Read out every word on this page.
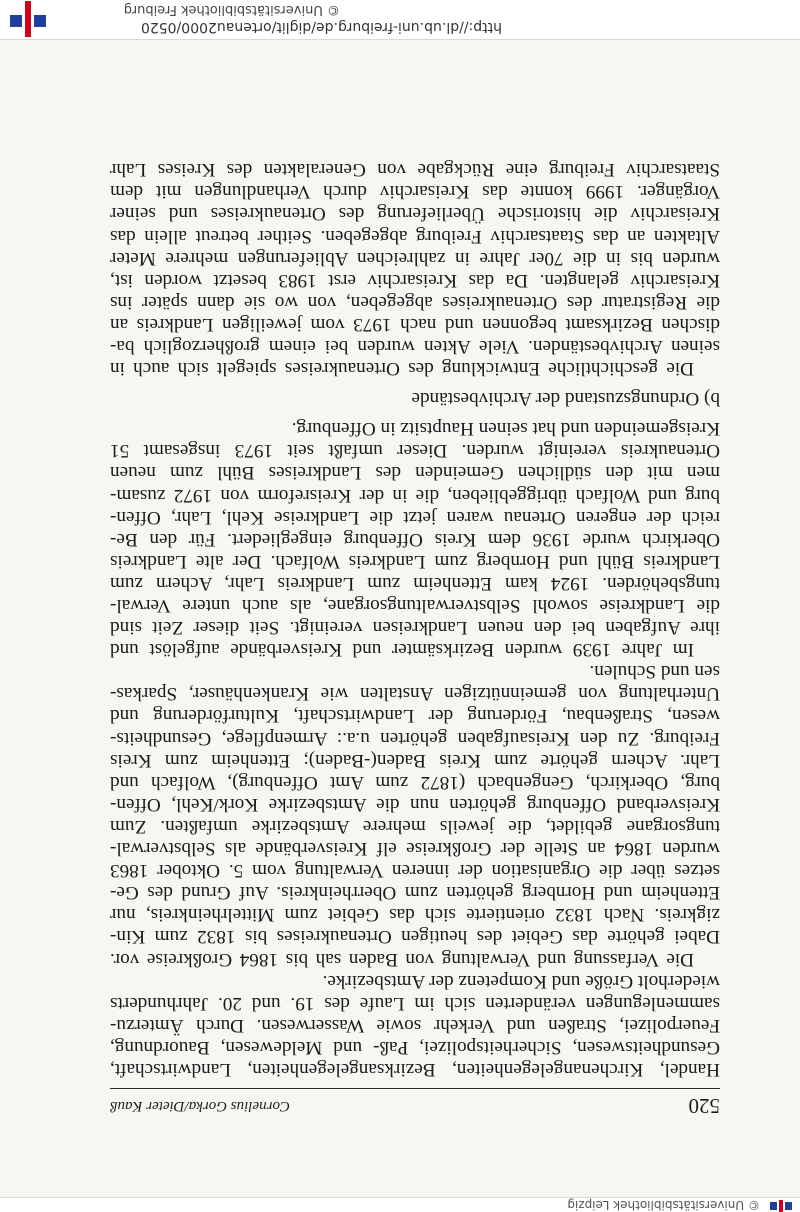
© Universitätsbibliothek Leipzig
520
Cornelius Gorka/Dieter Kauß

Handel, Kirchenangelegenheiten, Bezirksangelegenheiten, Landwirtschaft,
Gesundheitswesen, Sicherheitspolizei, Paß- und Meldewesen, Bauordnung,
Feuerpolizei, Straßen und Verkehr sowie Wasserwesen. Durch Ämterzu-
sammenlegungen veränderten sich im Laufe des 19. und 20. Jahrhunderts

wiederholt Größe und Kompetenz der Amtsbezirke.

Die Verfassung und Verwaltung von Baden sah bis 1864 Großkreise vor.
Dabei gehörte das Gebiet des heutigen Ortenaukreises bis 1832 zum Kin-
zigkreis. Nach 1832 orientierte sich das Gebiet zum Mittelrheinkreis, nur
Ettenheim und Hornberg gehörten zum Oberrheinkreis. Auf Grund des Ge-
setzes über die Organisation der inneren Verwaltung vom 5. Oktober 1863
wurden 1864 an Stelle der Großkreise elf Kreisverbände als Selbstverwal-
tungsorgane gebildet, die jeweils mehrere Amtsbezirke umfaßten. Zum
Kreisverband Offenburg gehörten nun die Amtsbezirke Kork/Kehl, Offen-
burg, Oberkirch, Gengenbach (1872 zum Amt Offenburg), Wolfach und
Lahr. Achern gehörte zum Kreis Baden(-Baden); Ettenheim zum Kreis
Freiburg. Zu den Kreisaufgaben gehörten u.a.: Armenpflege, Gesundheits-
wesen, Straßenbau, Förderung der Landwirtschaft, Kulturförderung und
Unterhaltung von gemeinnützigen Anstalten wie Krankenhäuser, Sparkas-

sen und Schulen.

Im Jahre 1939 wurden Bezirksämter und Kreisverbände aufgelöst und
ihre Aufgaben bei den neuen Landkreisen vereinigt. Seit dieser Zeit sind
die Landkreise sowohl Selbstverwaltungsorgane, als auch untere Verwal-
tungsbehörden. 1924 kam Ettenheim zum Landkreis Lahr, Achern zum
Landkreis Bühl und Hornberg zum Landkreis Wolfach. Der alte Landkreis
Oberkirch wurde 1936 dem Kreis Offenburg eingegliedert. Für den Be-
reich der engeren Ortenau waren jetzt die Landkreise Kehl, Lahr, Offen-
burg und Wolfach übriggeblieben, die in der Kreisreform von 1972 zusam-
men mit den südlichen Gemeinden des Landkreises Bühl zum neuen
Ortenaukreis vereinigt wurden. Dieser umfaßt seit 1973 insgesamt 51

Kreisgemeinden und hat seinen Hauptsitz in Offenburg.

b) Ordnungszustand der Archivbestände

Die geschichtliche Entwicklung des Ortenaukreises spiegelt sich auch in
seinen Archivbeständen. Viele Akten wurden bei einem großherzoglich ba-
dischen Bezirksamt begonnen und nach 1973 vom jeweiligen Landkreis an
die Registratur des Ortenaukreises abgegeben, von wo sie dann später ins
Kreisarchiv gelangten. Da das Kreisarchiv erst 1983 besetzt worden ist,
wurden bis in die 70er Jahre in zahlreichen Ablieferungen mehrere Meter
Altakten an das Staatsarchiv Freiburg abgegeben. Seither betreut allein das
Kreisarchiv die historische Überlieferung des Ortenaukreises und seiner
Vorgänger. 1999 konnte das Kreisarchiv durch Verhandlungen mit dem
Staatsarchiv Freiburg eine Rückgabe von Generalakten des Kreises Lahr

http://dl.ub.uni-freiburg.de/diglit/ortenau2000/0520
© Universitätsbibliothek Freiburg
